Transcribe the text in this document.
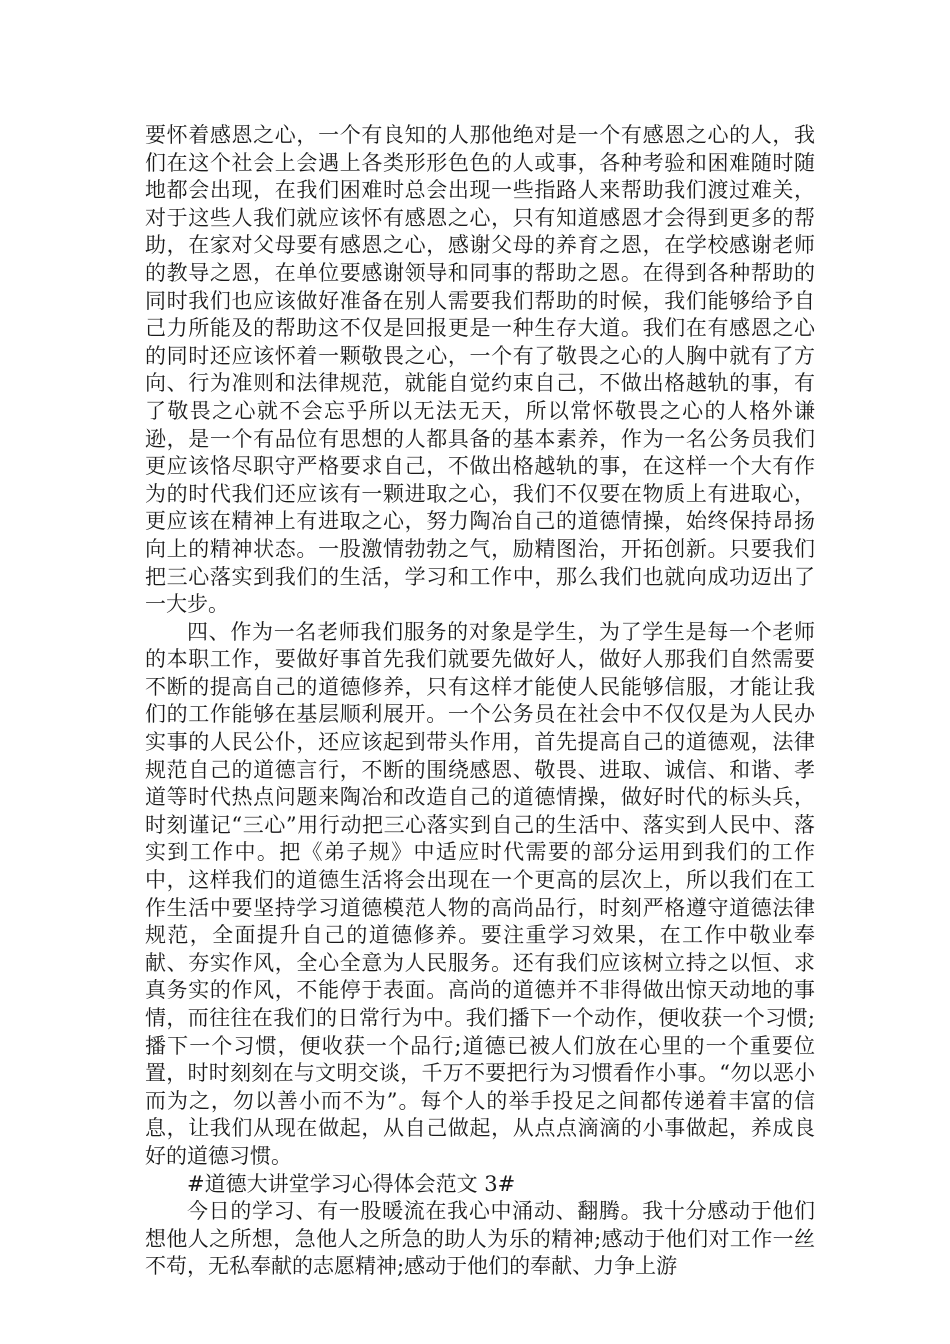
要怀着感恩之心，一个有良知的人那他绝对是一个有感恩之心的人，我们在这个社会上会遇上各类形形色色的人或事，各种考验和困难随时随地都会出现，在我们困难时总会出现一些指路人来帮助我们渡过难关，对于这些人我们就应该怀有感恩之心，只有知道感恩才会得到更多的帮助，在家对父母要有感恩之心，感谢父母的养育之恩，在学校感谢老师的教导之恩，在单位要感谢领导和同事的帮助之恩。在得到各种帮助的同时我们也应该做好准备在别人需要我们帮助的时候，我们能够给予自己力所能及的帮助这不仅是回报更是一种生存大道。我们在有感恩之心的同时还应该怀着一颗敬畏之心，一个有了敬畏之心的人胸中就有了方向、行为准则和法律规范，就能自觉约束自己，不做出格越轨的事，有了敬畏之心就不会忘乎所以无法无天，所以常怀敬畏之心的人格外谦逊，是一个有品位有思想的人都具备的基本素养，作为一名公务员我们更应该恪尽职守严格要求自己，不做出格越轨的事，在这样一个大有作为的时代我们还应该有一颗进取之心，我们不仅要在物质上有进取心，更应该在精神上有进取之心，努力陶冶自己的道德情操，始终保持昂扬向上的精神状态。一股激情勃勃之气，励精图治，开拓创新。只要我们把三心落实到我们的生活，学习和工作中，那么我们也就向成功迈出了一大步。

四、作为一名老师我们服务的对象是学生，为了学生是每一个老师的本职工作，要做好事首先我们就要先做好人，做好人那我们自然需要不断的提高自己的道德修养，只有这样才能使人民能够信服，才能让我们的工作能够在基层顺利展开。一个公务员在社会中不仅仅是为人民办实事的人民公仆，还应该起到带头作用，首先提高自己的道德观，法律规范自己的道德言行，不断的围绕感恩、敬畏、进取、诚信、和谐、孝道等时代热点问题来陶冶和改造自己的道德情操，做好时代的标头兵，时刻谨记“三心”用行动把三心落实到自己的生活中、落实到人民中、落实到工作中。把《弟子规》中适应时代需要的部分运用到我们的工作中，这样我们的道德生活将会出现在一个更高的层次上，所以我们在工作生活中要坚持学习道德模范人物的高尚品行，时刻严格遵守道德法律规范，全面提升自己的道德修养。要注重学习效果，在工作中敬业奉献、夯实作风，全心全意为人民服务。还有我们应该树立持之以恒、求真务实的作风，不能停于表面。高尚的道德并不非得做出惊天动地的事情，而往往在我们的日常行为中。我们播下一个动作，便收获一个习惯;播下一个习惯，便收获一个品行;道德已被人们放在心里的一个重要位置，时时刻刻在与文明交谈，千万不要把行为习惯看作小事。“勿以恶小而为之，勿以善小而不为”。每个人的举手投足之间都传递着丰富的信息，让我们从现在做起，从自己做起，从点点滴滴的小事做起，养成良好的道德习惯。

#道德大讲堂学习心得体会范文 3#

今日的学习、有一股暖流在我心中涌动、翻腾。我十分感动于他们想他人之所想，急他人之所急的助人为乐的精神;感动于他们对工作一丝不苟，无私奉献的志愿精神;感动于他们的奉献、力争上游
